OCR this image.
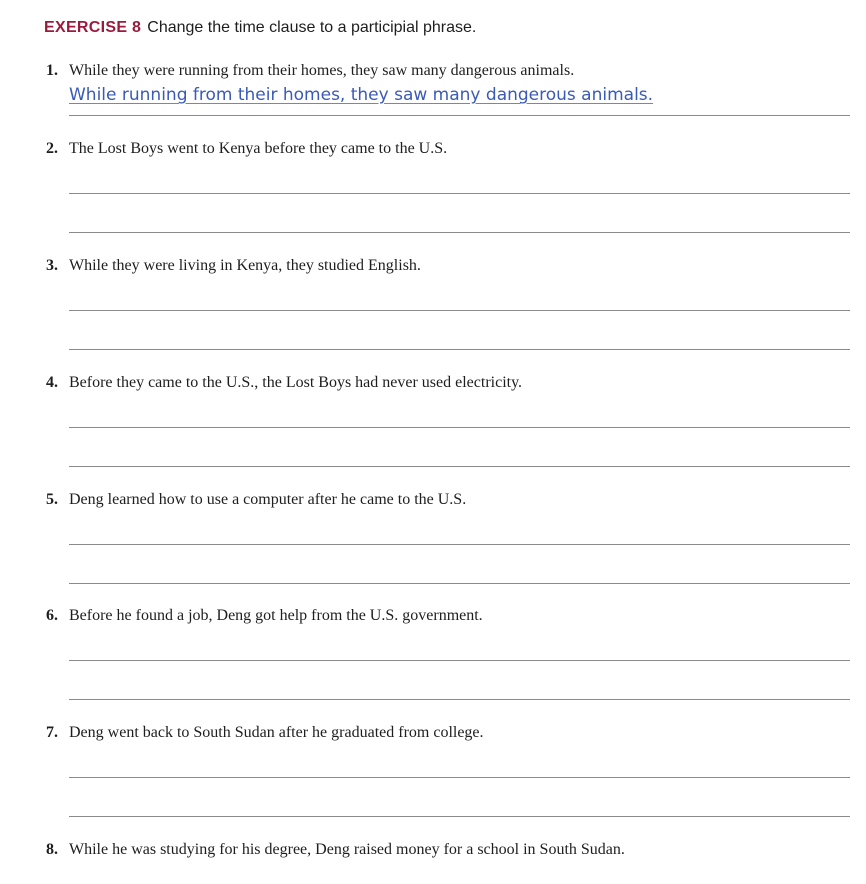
EXERCISE 8 Change the time clause to a participial phrase.
1. While they were running from their homes, they saw many dangerous animals.
While running from their homes, they saw many dangerous animals.
2. The Lost Boys went to Kenya before they came to the U.S.
3. While they were living in Kenya, they studied English.
4. Before they came to the U.S., the Lost Boys had never used electricity.
5. Deng learned how to use a computer after he came to the U.S.
6. Before he found a job, Deng got help from the U.S. government.
7. Deng went back to South Sudan after he graduated from college.
8. While he was studying for his degree, Deng raised money for a school in South Sudan.
